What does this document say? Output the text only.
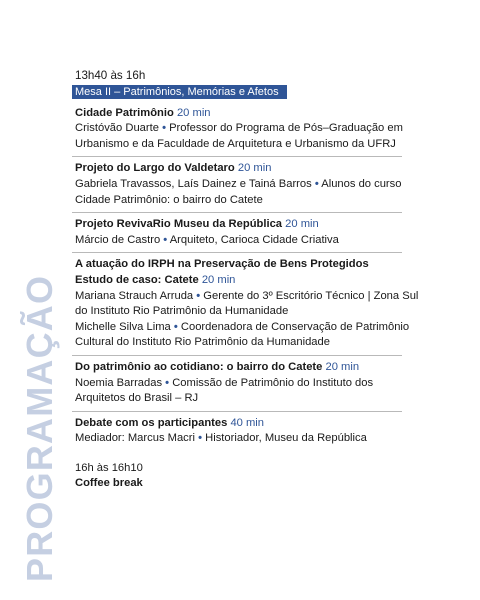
PROGRAMAÇÃO
13h40 às 16h
Mesa II – Patrimônios, Memórias e Afetos
Cidade Patrimônio 20 min
Cristóvão Duarte • Professor do Programa de Pós–Graduação em Urbanismo e da Faculdade de Arquitetura e Urbanismo da UFRJ
Projeto do Largo do Valdetaro 20 min
Gabriela Travassos, Laís Dainez e Tainá Barros • Alunos do curso Cidade Patrimônio: o bairro do Catete
Projeto RevivaRio Museu da República 20 min
Márcio de Castro • Arquiteto, Carioca Cidade Criativa
A atuação do IRPH na Preservação de Bens Protegidos
Estudo de caso: Catete 20 min
Mariana Strauch Arruda • Gerente do 3º Escritório Técnico | Zona Sul do Instituto Rio Patrimônio da Humanidade
Michelle Silva Lima • Coordenadora de Conservação de Patrimônio Cultural do Instituto Rio Patrimônio da Humanidade
Do patrimônio ao cotidiano: o bairro do Catete 20 min
Noemia Barradas • Comissão de Patrimônio do Instituto dos Arquitetos do Brasil – RJ
Debate com os participantes 40 min
Mediador: Marcus Macri • Historiador, Museu da República
16h às 16h10
Coffee break
